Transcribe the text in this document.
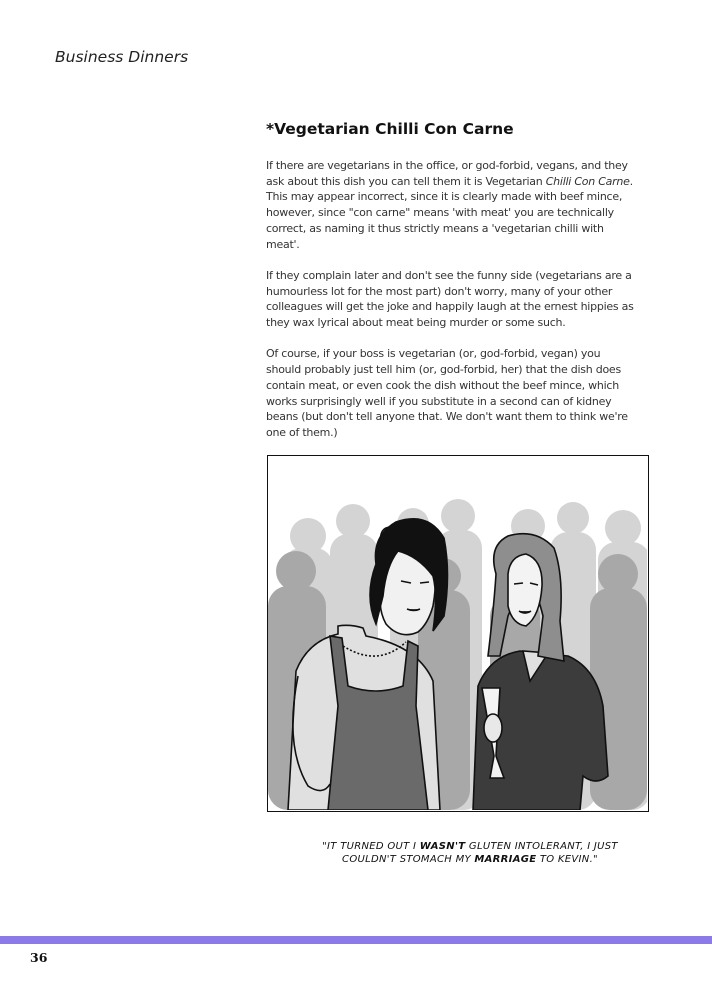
Business Dinners
*Vegetarian Chilli Con Carne

If there are vegetarians in the office, or god-forbid, vegans, and they ask about this dish you can tell them it is Vegetarian Chilli Con Carne. This may appear incorrect, since it is clearly made with beef mince, however, since "con carne" means 'with meat' you are technically correct, as naming it thus strictly means a 'vegetarian chilli with meat'.

If they complain later and don't see the funny side (vegetarians are a humourless lot for the most part) don't worry, many of your other colleagues will get the joke and happily laugh at the ernest hippies as they wax lyrical about meat being murder or some such.

Of course, if your boss is vegetarian (or, god-forbid, vegan) you should probably just tell him (or, god-forbid, her) that the dish does contain meat, or even cook the dish without the beef mince, which works surprisingly well if you substitute in a second can of kidney beans (but don't tell anyone that. We don't want them to think we're one of them.)

"IT TURNED OUT I WASN'T GLUTEN INTOLERANT, I JUST COULDN'T STOMACH MY MARRIAGE TO KEVIN."
36
